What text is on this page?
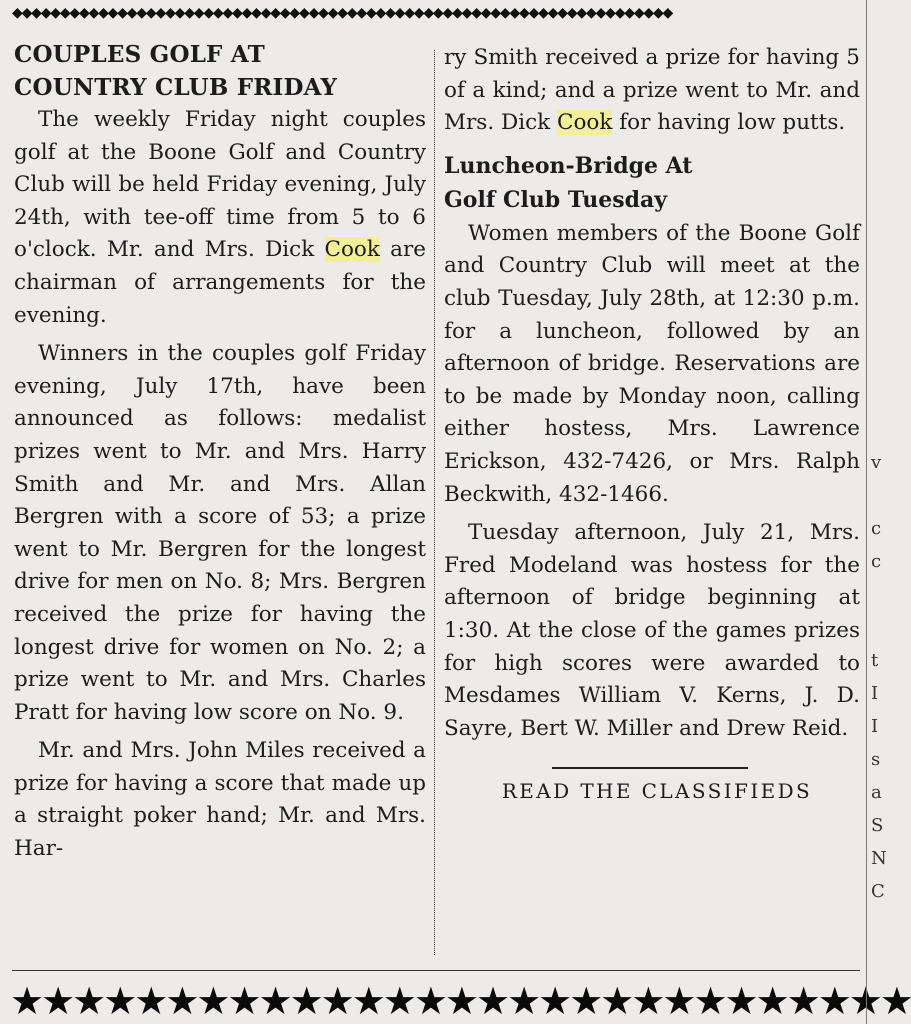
◆◆◆◆◆◆◆◆◆◆◆◆◆◆◆◆◆◆◆◆◆◆◆◆◆◆◆◆◆◆◆◆◆◆◆◆◆◆◆◆◆◆◆◆◆◆◆◆◆◆◆◆◆◆◆◆◆◆◆◆◆◆◆◆◆◆◆◆◆
COUPLES GOLF AT
COUNTRY CLUB FRIDAY

The weekly Friday night couples golf at the Boone Golf and Country Club will be held Friday evening, July 24th, with tee-off time from 5 to 6 o'clock. Mr. and Mrs. Dick Cook are chairman of arrangements for the evening.

Winners in the couples golf Friday evening, July 17th, have been announced as follows: medalist prizes went to Mr. and Mrs. Harry Smith and Mr. and Mrs. Allan Bergren with a score of 53; a prize went to Mr. Bergren for the longest drive for men on No. 8; Mrs. Bergren received the prize for having the longest drive for women on No. 2; a prize went to Mr. and Mrs. Charles Pratt for having low score on No. 9.

Mr. and Mrs. John Miles received a prize for having a score that made up a straight poker hand; Mr. and Mrs. Har-

ry Smith received a prize for having 5 of a kind; and a prize went to Mr. and Mrs. Dick Cook for having low putts.

Luncheon-Bridge At
Golf Club Tuesday

Women members of the Boone Golf and Country Club will meet at the club Tuesday, July 28th, at 12:30 p.m. for a luncheon, followed by an afternoon of bridge. Reservations are to be made by Monday noon, calling either hostess, Mrs. Lawrence Erickson, 432-7426, or Mrs. Ralph Beckwith, 432-1466.

Tuesday afternoon, July 21, Mrs. Fred Modeland was hostess for the afternoon of bridge beginning at 1:30. At the close of the games prizes for high scores were awarded to Mesdames William V. Kerns, J. D. Sayre, Bert W. Miller and Drew Reid.

READ THE CLASSIFIEDS
★★★★★★★★★★★★★★★★★★★★★★★★★★★★★

v

c
c

t
I
I
s
a
S
N
C
